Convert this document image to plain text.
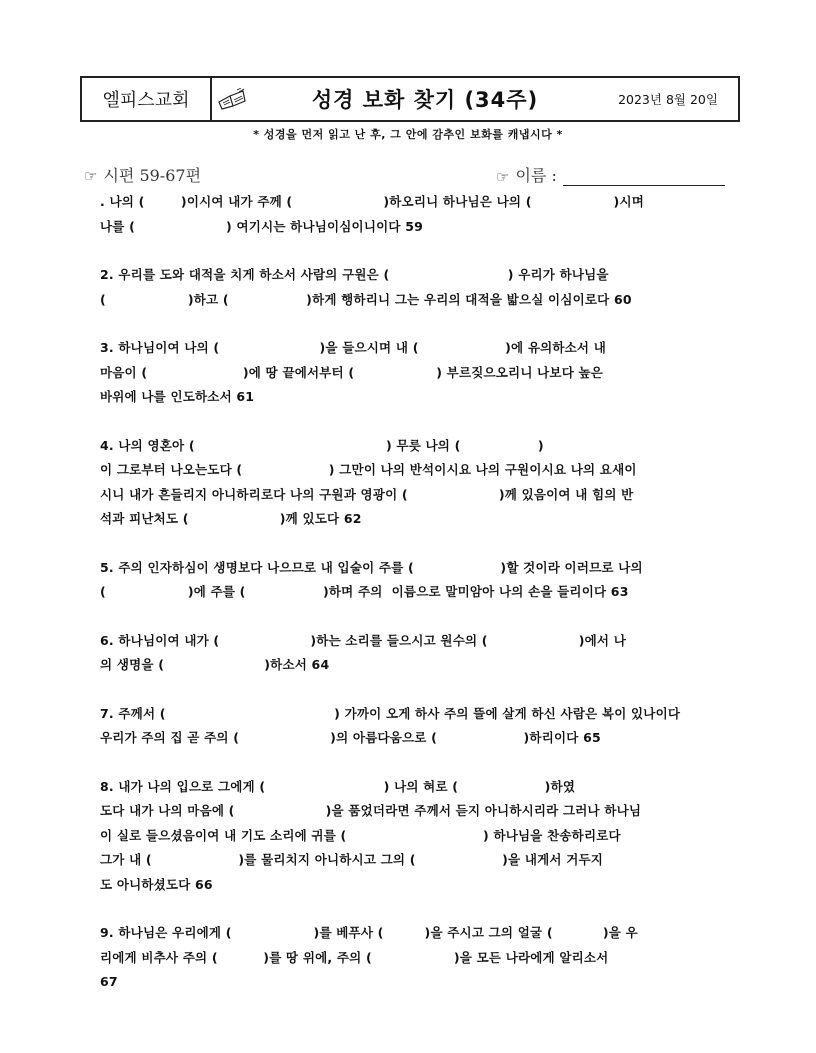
엘피스교회	성경 보화 찾기 (34주)	2023년 8월 20일
* 성경을 먼저 읽고 난 후, 그 안에 감추인 보화를 캐냅시다 *
☞ 시편 59-67편	☞ 이름 :
. 나의 (        )이시여 내가 주께 (                    )하오리니 하나님은 나의 (                  )시며
나를 (                    ) 여기시는 하나님이심이니이다 59
2. 우리를 도와 대적을 치게 하소서 사람의 구원은 (                          ) 우리가 하나님을
(                  )하고 (                 )하게 행하리니 그는 우리의 대적을 밟으실 이심이로다 60
3. 하나님이여 나의 (                      )을 들으시며 내 (                   )에 유의하소서 내
마음이 (                     )에 땅 끝에서부터 (                  ) 부르짖으오리니 나보다 높은
바위에 나를 인도하소서 61
4. 나의 영혼아 (                                          ) 무릇 나의 (                 )
이 그로부터 나오는도다 (                   ) 그만이 나의 반석이시요 나의 구원이시요 나의 요새이
시니 내가 흔들리지 아니하리로다 나의 구원과 영광이 (                    )께 있음이여 내 힘의 반
석과 피난처도 (                    )께 있도다 62
5. 주의 인자하심이 생명보다 나으므로 내 입술이 주를 (                   )할 것이라 이러므로 나의
(                  )에 주를 (                 )하며 주의  이름으로 말미암아 나의 손을 들리이다 63
6. 하나님이여 내가 (                    )하는 소리를 들으시고 원수의 (                    )에서 나
의 생명을 (                      )하소서 64
7. 주께서 (                                     ) 가까이 오게 하사 주의 뜰에 살게 하신 사람은 복이 있나이다
우리가 주의 집 곧 주의 (                    )의 아름다움으로 (                   )하리이다 65
8. 내가 나의 입으로 그에게 (                          ) 나의 혀로 (                   )하였
도다 내가 나의 마음에 (                    )을 품었더라면 주께서 듣지 아니하시리라 그러나 하나님
이 실로 들으셨음이여 내 기도 소리에 귀를 (                              ) 하나님을 찬송하리로다
그가 내 (                   )를 물리치지 아니하시고 그의 (                   )을 내게서 거두지
도 아니하셨도다 66
9. 하나님은 우리에게 (                  )를 베푸사 (         )을 주시고 그의 얼굴 (           )을 우
리에게 비추사 주의 (          )를 땅 위에, 주의 (                  )을 모든 나라에게 알리소서
67
